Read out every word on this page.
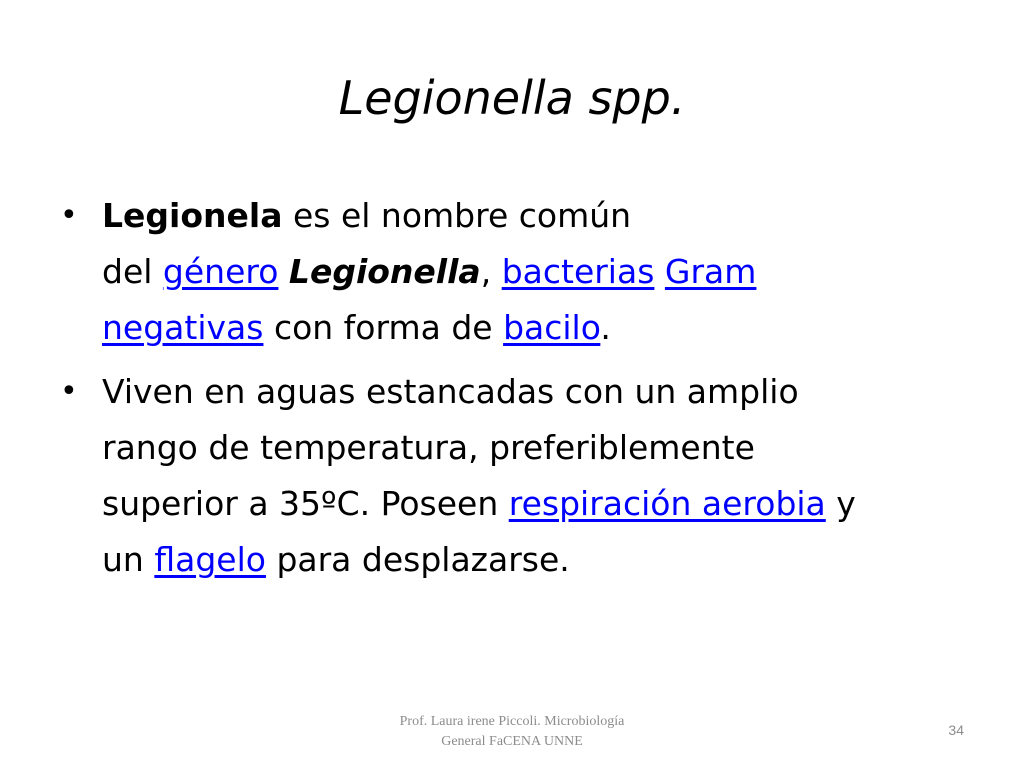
Legionella spp.
• Legionela es el nombre común
del género Legionella, bacterias Gram
negativas con forma de bacilo.
• Viven en aguas estancadas con un amplio
rango de temperatura, preferiblemente
superior a 35ºC. Poseen respiración aerobia y
un flagelo para desplazarse.
Prof. Laura irene Piccoli. Microbiología
General FaCENA UNNE
34
